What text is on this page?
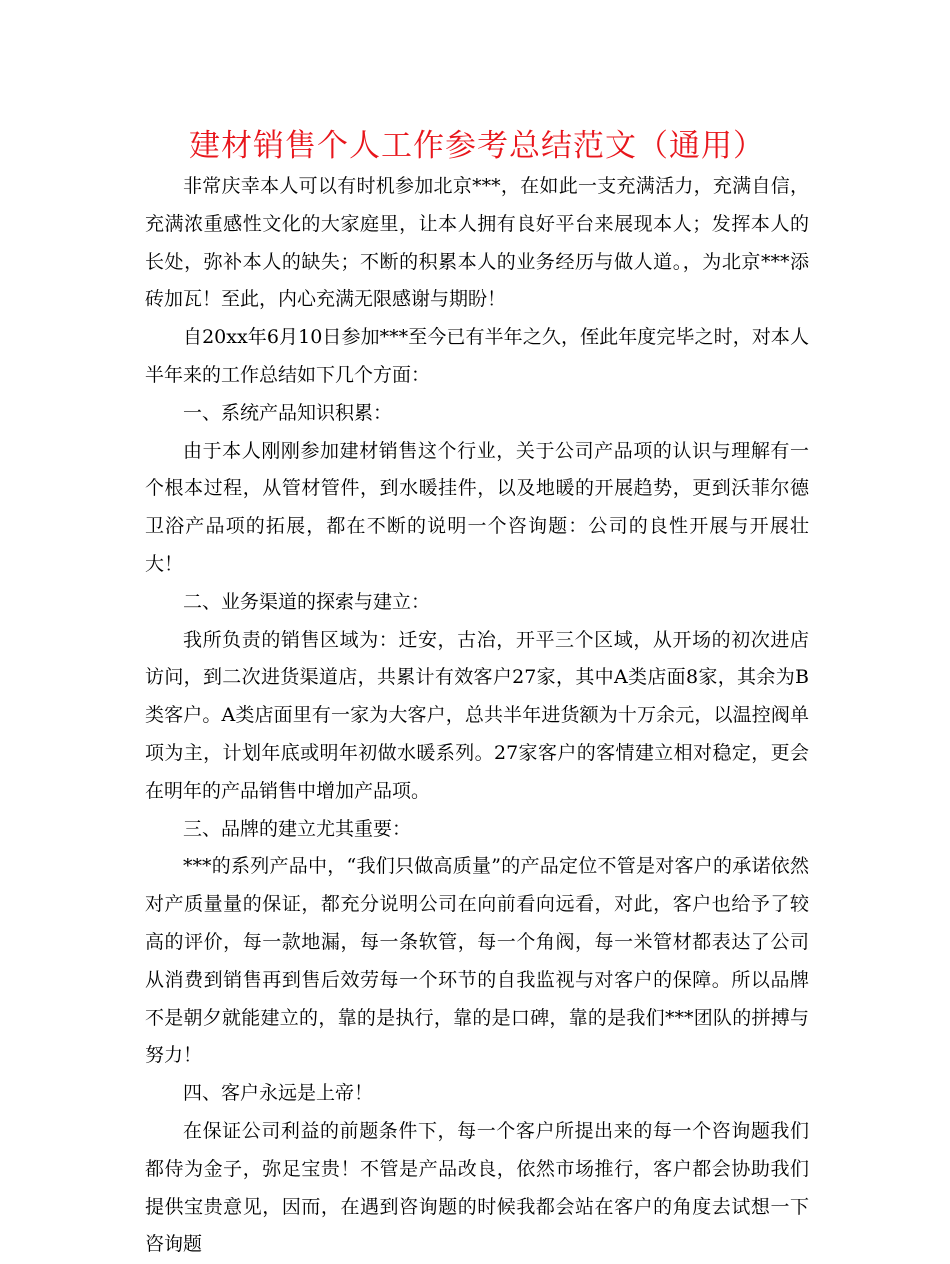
建材销售个人工作参考总结范文（通用）

非常庆幸本人可以有时机参加北京***，在如此一支充满活力，充满自信，充满浓重感性文化的大家庭里，让本人拥有良好平台来展现本人；发挥本人的长处，弥补本人的缺失；不断的积累本人的业务经历与做人道。，为北京***添砖加瓦！至此，内心充满无限感谢与期盼！

自20xx年6月10日参加***至今已有半年之久，侄此年度完毕之时，对本人半年来的工作总结如下几个方面：

一、系统产品知识积累：

由于本人刚刚参加建材销售这个行业，关于公司产品项的认识与理解有一个根本过程，从管材管件，到水暖挂件，以及地暖的开展趋势，更到沃菲尔德卫浴产品项的拓展，都在不断的说明一个咨询题：公司的良性开展与开展壮大！

二、业务渠道的探索与建立：

我所负责的销售区域为：迁安，古冶，开平三个区域，从开场的初次进店访问，到二次进货渠道店，共累计有效客户27家，其中A类店面8家，其余为B类客户。A类店面里有一家为大客户，总共半年进货额为十万余元，以温控阀单项为主，计划年底或明年初做水暖系列。27家客户的客情建立相对稳定，更会在明年的产品销售中增加产品项。

三、品牌的建立尤其重要：

***的系列产品中，“我们只做高质量”的产品定位不管是对客户的承诺依然对产质量量的保证，都充分说明公司在向前看向远看，对此，客户也给予了较高的评价，每一款地漏，每一条软管，每一个角阀，每一米管材都表达了公司从消费到销售再到售后效劳每一个环节的自我监视与对客户的保障。所以品牌不是朝夕就能建立的，靠的是执行，靠的是口碑，靠的是我们***团队的拼搏与努力！

四、客户永远是上帝！

在保证公司利益的前题条件下，每一个客户所提出来的每一个咨询题我们都侍为金子，弥足宝贵！不管是产品改良，依然市场推行，客户都会协助我们提供宝贵意见，因而，在遇到咨询题的时候我都会站在客户的角度去试想一下咨询题
